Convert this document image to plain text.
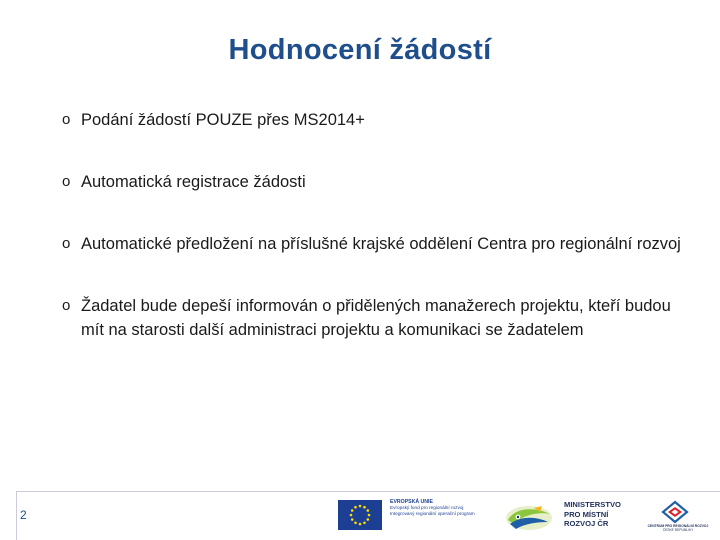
Hodnocení žádostí
o Podání žádostí POUZE přes MS2014+
o Automatická registrace žádosti
o Automatické předložení na příslušné krajské oddělení Centra pro regionální rozvoj
o Žadatel bude depeší informován o přidělených manažerech projektu, kteří budou mít na starosti další administraci projektu a komunikaci se žadatelem
2
EVROPSKÁ UNIE
Evropský fond pro regionální rozvoj
Integrovaný regionální operační program
MINISTERSTVO
PRO MÍSTNÍ
ROZVOJ ČR	CENTRUM PRO REGIONÁLNÍ ROZVOJ
ČESKÉ REPUBLIKY
